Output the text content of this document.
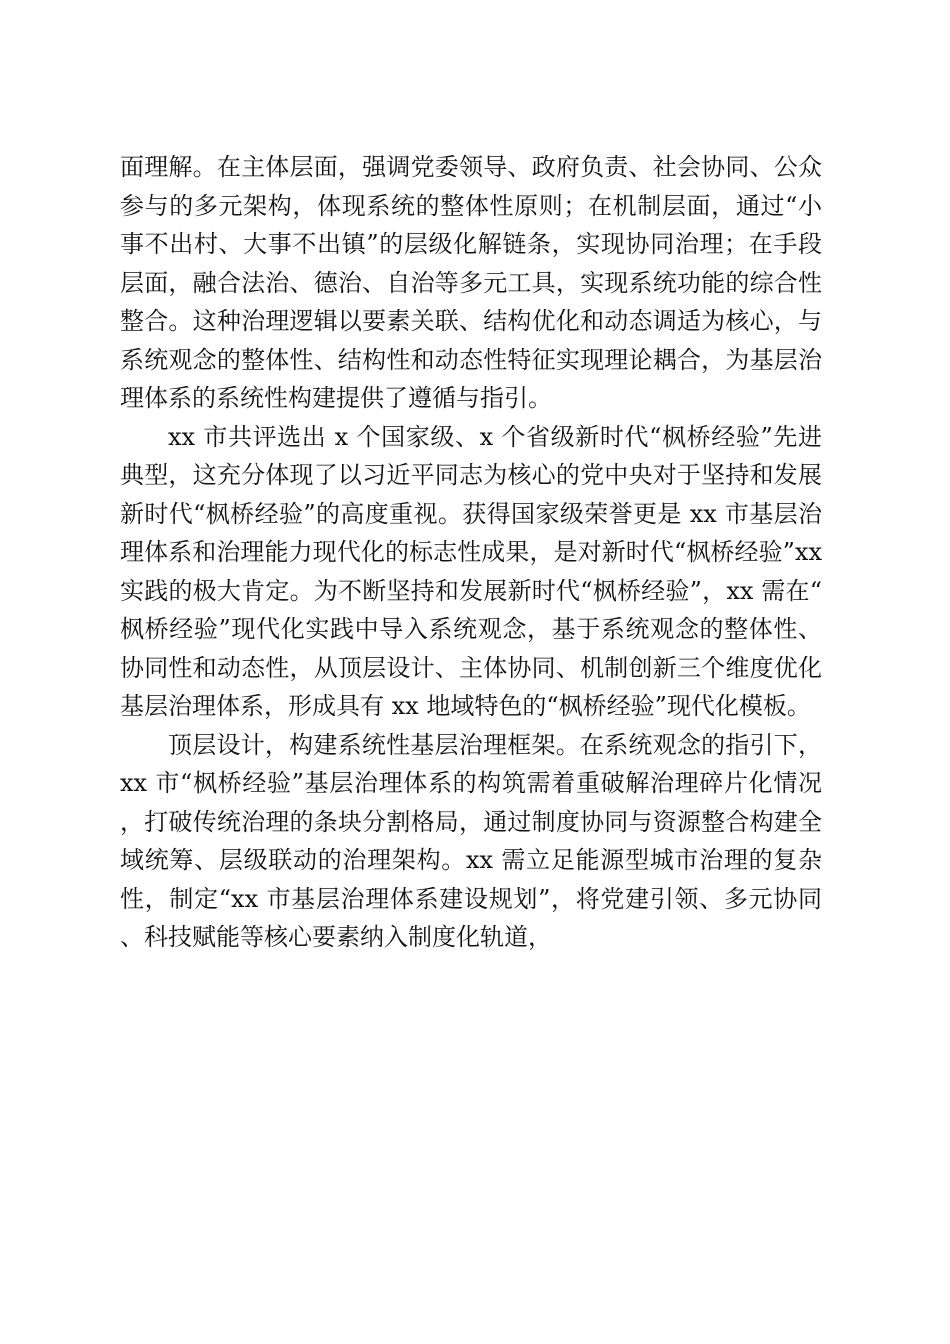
面理解。在主体层面，强调党委领导、政府负责、社会协同、公众参与的多元架构，体现系统的整体性原则；在机制层面，通过“小事不出村、大事不出镇”的层级化解链条，实现协同治理；在手段层面，融合法治、德治、自治等多元工具，实现系统功能的综合性整合。这种治理逻辑以要素关联、结构优化和动态调适为核心，与系统观念的整体性、结构性和动态性特征实现理论耦合，为基层治理体系的系统性构建提供了遵循与指引。

xx 市共评选出 x 个国家级、x 个省级新时代“枫桥经验”先进典型，这充分体现了以习近平同志为核心的党中央对于坚持和发展新时代“枫桥经验”的高度重视。获得国家级荣誉更是 xx 市基层治理体系和治理能力现代化的标志性成果，是对新时代“枫桥经验”xx 实践的极大肯定。为不断坚持和发展新时代“枫桥经验”，xx 需在“枫桥经验”现代化实践中导入系统观念，基于系统观念的整体性、协同性和动态性，从顶层设计、主体协同、机制创新三个维度优化基层治理体系，形成具有 xx 地域特色的“枫桥经验”现代化模板。

顶层设计，构建系统性基层治理框架。在系统观念的指引下，xx 市“枫桥经验”基层治理体系的构筑需着重破解治理碎片化情况，打破传统治理的条块分割格局，通过制度协同与资源整合构建全域统筹、层级联动的治理架构。xx 需立足能源型城市治理的复杂性，制定“xx 市基层治理体系建设规划”，将党建引领、多元协同、科技赋能等核心要素纳入制度化轨道，
